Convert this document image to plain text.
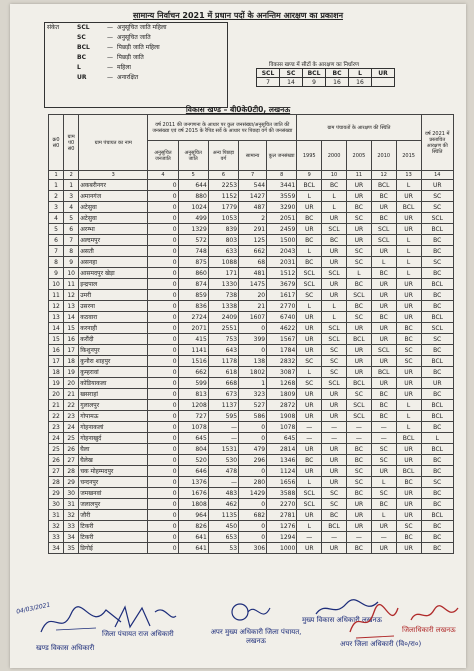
सामान्य निर्वाचन 2021 में प्रधान पदों के अनन्तिम आरक्षण का प्रकाशन
संकेत	SCL	— अनुसूचित जाति महिला
SC	— अनुसूचित जाति
BCL	— पिछड़ी जाति महिला
BC	— पिछड़ी जाति
L	— महिला
UR	— अनारक्षित
विकास खण्ड में सीटों के आरक्षण का निर्धारण
SCL	SC	BCL	BC	L	UR
7	14	9	16	16	
विकास खण्ड – बी0के0टी0, लखनऊ
क्र0 सं0	ग्राम पं0 सं0	ग्राम पंचायत का नाम	वर्ष 2011 की जनगणना के आधार पर कुल जनसंख्या/अनुसूचित जाति की जनसंख्या एवं वर्ष 2015 के रैपिड सर्वे के आधार पर पिछड़ा वर्ग की जनसंख्या					ग्राम पंचायतों के आरक्षण की स्थिति					वर्ष 2021 में प्रस्तावित आरक्षण की स्थिति
			अनुसूचित जनजाति	अनुसूचित जाति	अन्य पिछड़ा वर्ग	सामान्य	कुल जनसंख्या	1995	2000	2005	2010	2015	
1	2	3	4	5	6	7	8	9	10	11	12	13	14
1	1	अकबरीनगर	0	644	2253	544	3441	BCL	BC	UR	BCL	L	UR
2	3	अमानगंज	0	880	1152	1427	3559	L	L	UR	BC	UR	SC
3	4	अटेसुवा	0	1024	1779	487	3290	UR	L	BC	UR	BCL	SC
4	5	अटेसुवा	0	499	1053	2	2051	BC	UR	SC	BC	UR	SCL
5	6	अरम्भा	0	1329	839	291	2459	UR	SCL	UR	SCL	UR	BCL
6	7	अल्दमपुर	0	572	803	125	1500	BC	BC	UR	SCL	L	BC
7	8	असती	0	748	633	662	2043	L	UR	SC	UR	L	BC
8	9	असनहा	0	875	1088	68	2031	BC	UR	SC	L	L	SC
9	10	आसमदपुर खेड़ा	0	860	171	481	1512	SCL	SCL	L	BC	L	BC
10	11	इन्द्रपाल	0	874	1330	1475	3679	SCL	UR	BC	UR	UR	BCL
11	12	उमरी	0	859	738	20	1617	SC	UR	SCL	UR	UR	BC
12	13	उसरना	0	836	1338	21	2770	L	L	BC	UR	UR	BC
13	14	कठवारा	0	2724	2409	1607	6740	UR	L	SC	BC	UR	BCL
14	15	करनाही	0	2071	2551	0	4622	UR	SCL	UR	UR	BC	SCL
15	16	करौंदी	0	415	753	399	1567	UR	SCL	BCL	UR	BC	SC
16	17	किशुनपुर	0	1141	643	0	1784	UR	SC	UR	SCL	SC	BC
17	18	कुनौरा शाहपुर	0	1516	1178	138	2832	SC	SC	UR	UR	SC	BCL
18	19	कुम्हरावां	0	662	618	1802	3087	L	SC	UR	BCL	UR	BC
19	20	कोडियाकला	0	599	668	1	1268	SC	SCL	BCL	UR	UR	UR
20	21	खसराहां	0	813	673	323	1809	UR	UR	SC	BC	UR	BC
21	22	गुलालपुर	0	1208	1137	527	2872	UR	UR	SCL	BC	L	BCL
22	23	गोपामऊ	0	727	595	586	1908	UR	UR	SCL	BC	L	BCL
23	24	गोहनाकलां	0	1078	—	0	1078	—	—	—	—	L	BC
24	25	गोहनाखुर्द	0	645	—	0	645	—	—	—	—	BCL	L
25	26	घैला	0	804	1531	479	2814	UR	UR	BC	SC	UR	BCL
26	27	घैलेख	0	520	530	296	1346	BC	UR	BC	SC	UR	BC
27	28	चक मोहम्मदपुर	0	646	478	0	1124	UR	UR	SC	UR	BCL	BC
28	29	चन्दनपुर	0	1376	—	280	1656	L	UR	SC	L	BC	SC
29	30	जमखनवां	0	1676	483	1429	3588	SCL	SC	BC	SC	UR	BC
30	31	जलालपुर	0	1808	462	0	2270	SCL	SC	UR	BC	UR	BC
31	32	जौरी	0	964	1135	682	2781	UR	BC	UR	L	UR	BCL
32	33	टिकरी	0	826	450	0	1276	L	BCL	UR	UR	SC	BC
33	34	टिकरी	0	641	653	0	1294	—	—	—	—	BC	BC
34	35	डिगोई	0	641	53	306	1000	UR	UR	BC	UR	UR	BC
04/03/2021
खण्ड विकास अधिकारी
जिला पंचायत राज अधिकारी	अपर मुख्य अधिकारी जिला पंचायत, लखनऊ
मुख्य विकास अधिकारी लखनऊ
अपर जिला अधिकारी (वि०/रा०)
जिलाधिकारी लखनऊ
